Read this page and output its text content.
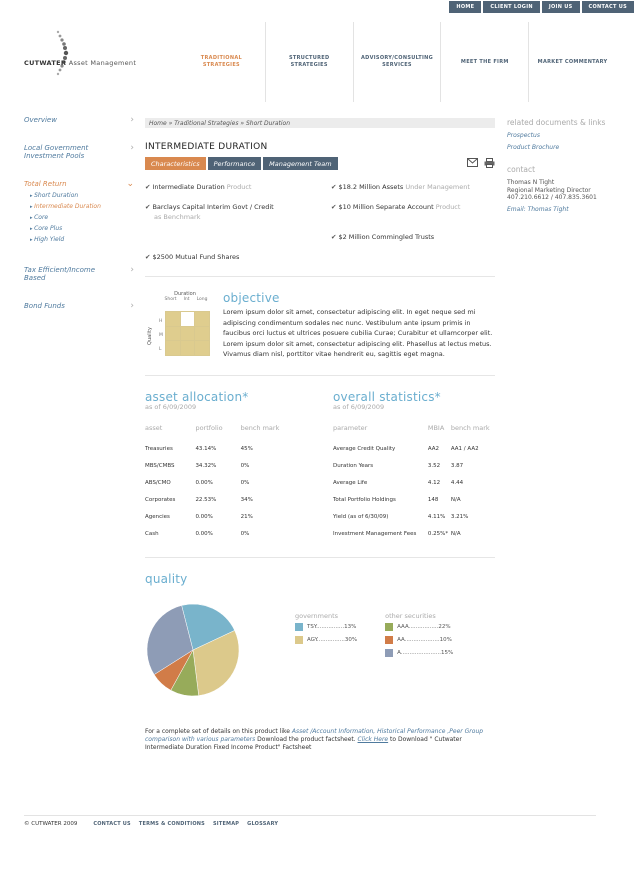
HOME	CLIENT LOGIN	JOIN US	CONTACT US
CUTWATER Asset Management
TRADITIONAL STRATEGIES
STRUCTURED STRATEGIES
ADVISORY/CONSULTING SERVICES
MEET THE FIRM	MARKET COMMENTARY
Overview	›
Local Government Investment Pools
›
Total Return	⌄
▸ Short Duration
▸ Intermediate Duration
▸ Core
▸ Core Plus
▸ High Yield
Tax Efficient/Income Based
›
Bond Funds	›
Home » Traditional Strategies » Short Duration
INTERMEDIATE DURATION
Characteristics	Performance	Management Team
✔ Intermediate Duration Product	✔ $18.2 Million Assets Under Management
✔ Barclays Capital Interim Govt / Credit
as Benchmark
✔ $10 Million Separate Account Product
✔ $2 Million Commingled Trusts
✔ $2500 Mutual Fund Shares
Duration
Short Int Long
H
M
L
Quality
objective

Lorem ipsum dolor sit amet, consectetur adipiscing elit. In eget neque sed mi adipiscing condimentum sodales nec nunc. Vestibulum ante ipsum primis in faucibus orci luctus et ultrices posuere cubilia Curae; Curabitur et ullamcorper elit. Lorem ipsum dolor sit amet, consectetur adipiscing elit. Phasellus at lectus metus. Vivamus diam nisl, porttitor vitae hendrerit eu, sagittis eget magna.

asset allocation*
as of 6/09/2009
asset	portfolio	bench mark
Treasuries	43.14%	45%
MBS/CMBS	34.32%	0%
ABS/CMO	0.00%	0%
Corporates	22.53%	34%
Agencies	0.00%	21%
Cash	0.00%	0%
overall statistics*
as of 6/09/2009
parameter	MBIA	bench mark
Average Credit Quality	AA2	AA1 / AA2
Duration Years	3.52	3.87
Average Life	4.12	4.44
Total Portfolio Holdings	148	N/A
Yield (as of 6/30/09)	4.11%	3.21%
Investment Management Fees	0.25%*	N/A
quality
governments
TSY................13%
AGY................30%
other securities
AAA.................22%
AA....................10%
A.......................15%
For a complete set of details on this product like Asset /Account Information, Historical Performance ,Peer Group comparison with various parameters Download the product factsheet. Click Here to Download " Cutwater Intermediate Duration Fixed Income Product" Factsheet
related documents & links
Prospectus
Product Brochure
contact
Thomas N Tight
Regional Marketing Director
407.210.6612 / 407.835.3601
Email: Thomas Tight
© CUTWATER 2009	CONTACT US TERMS & CONDITIONS SITEMAP GLOSSARY
